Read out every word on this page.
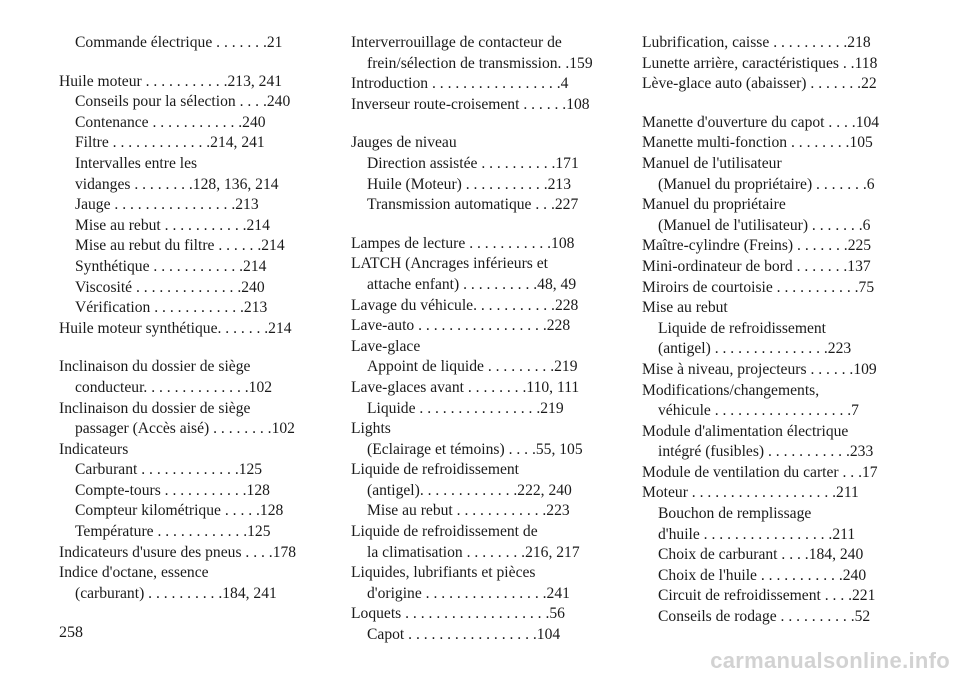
Commande électrique . . . . . . .21
Huile moteur . . . . . . . . . . .213, 241
Conseils pour la sélection . . . .240
Contenance . . . . . . . . . . . .240
Filtre . . . . . . . . . . . . .214, 241
Intervalles entre les
vidanges . . . . . . . .128, 136, 214
Jauge . . . . . . . . . . . . . . . .213
Mise au rebut . . . . . . . . . . .214
Mise au rebut du filtre . . . . . .214
Synthétique . . . . . . . . . . . .214
Viscosité . . . . . . . . . . . . . .240
Vérification . . . . . . . . . . . .213
Huile moteur synthétique. . . . . . .214
Inclinaison du dossier de siège
conducteur. . . . . . . . . . . . . .102
Inclinaison du dossier de siège
passager (Accès aisé) . . . . . . . .102
Indicateurs
Carburant . . . . . . . . . . . . .125
Compte-tours . . . . . . . . . . .128
Compteur kilométrique . . . . .128
Température . . . . . . . . . . . .125
Indicateurs d'usure des pneus . . . .178
Indice d'octane, essence
(carburant) . . . . . . . . . .184, 241
Interverrouillage de contacteur de
frein/sélection de transmission. .159
Introduction . . . . . . . . . . . . . . . . .4
Inverseur route-croisement . . . . . .108
Jauges de niveau
Direction assistée . . . . . . . . . .171
Huile (Moteur) . . . . . . . . . . .213
Transmission automatique . . .227
Lampes de lecture . . . . . . . . . . .108
LATCH (Ancrages inférieurs et
attache enfant) . . . . . . . . . .48, 49
Lavage du véhicule. . . . . . . . . . .228
Lave-auto . . . . . . . . . . . . . . . . .228
Lave-glace
Appoint de liquide . . . . . . . . .219
Lave-glaces avant . . . . . . . .110, 111
Liquide . . . . . . . . . . . . . . . .219
Lights
(Eclairage et témoins) . . . .55, 105
Liquide de refroidissement
(antigel). . . . . . . . . . . . .222, 240
Mise au rebut . . . . . . . . . . . .223
Liquide de refroidissement de
la climatisation . . . . . . . .216, 217
Liquides, lubrifiants et pièces
d'origine . . . . . . . . . . . . . . . .241
Loquets . . . . . . . . . . . . . . . . . . .56
Capot . . . . . . . . . . . . . . . . .104
Lubrification, caisse . . . . . . . . . .218
Lunette arrière, caractéristiques . .118
Lève-glace auto (abaisser) . . . . . . .22
Manette d'ouverture du capot . . . .104
Manette multi-fonction . . . . . . . .105
Manuel de l'utilisateur
(Manuel du propriétaire) . . . . . . .6
Manuel du propriétaire
(Manuel de l'utilisateur) . . . . . . .6
Maître-cylindre (Freins) . . . . . . .225
Mini-ordinateur de bord . . . . . . .137
Miroirs de courtoisie . . . . . . . . . . .75
Mise au rebut
Liquide de refroidissement
(antigel) . . . . . . . . . . . . . . .223
Mise à niveau, projecteurs . . . . . .109
Modifications/changements,
véhicule . . . . . . . . . . . . . . . . . .7
Module d'alimentation électrique
intégré (fusibles) . . . . . . . . . . .233
Module de ventilation du carter . . .17
Moteur . . . . . . . . . . . . . . . . . . .211
Bouchon de remplissage
d'huile . . . . . . . . . . . . . . . . .211
Choix de carburant . . . .184, 240
Choix de l'huile . . . . . . . . . . .240
Circuit de refroidissement . . . .221
Conseils de rodage . . . . . . . . . .52
258
carmanualsonline.info
